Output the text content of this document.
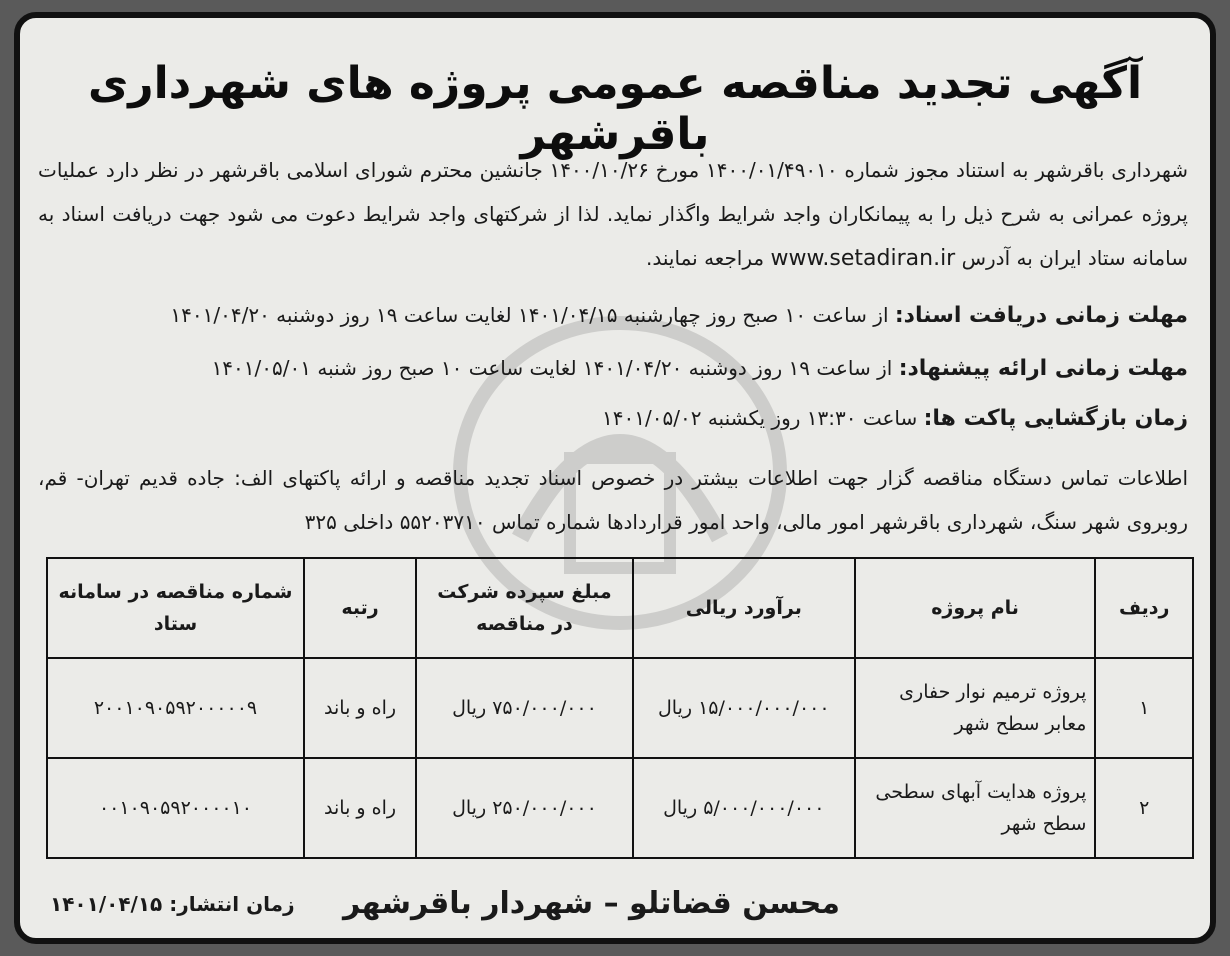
آگهی تجدید مناقصه عمومی پروژه های شهرداری باقرشهر
شهرداری باقرشهر به استناد مجوز شماره ۱۴۰۰/۰۱/۴۹۰۱۰ مورخ ۱۴۰۰/۱۰/۲۶ جانشین محترم شورای اسلامی باقرشهر در نظر دارد عملیات پروژه عمرانی به شرح ذیل را به پیمانکاران واجد شرایط واگذار نماید. لذا از شرکتهای واجد شرایط دعوت می شود جهت دریافت اسناد به سامانه ستاد ایران به آدرس www.setadiran.ir مراجعه نمایند.
مهلت زمانی دریافت اسناد: از ساعت ۱۰ صبح روز چهارشنبه ۱۴۰۱/۰۴/۱۵ لغایت ساعت ۱۹ روز دوشنبه ۱۴۰۱/۰۴/۲۰
مهلت زمانی ارائه پیشنهاد: از ساعت ۱۹ روز دوشنبه ۱۴۰۱/۰۴/۲۰ لغایت ساعت ۱۰ صبح روز شنبه ۱۴۰۱/۰۵/۰۱
زمان بازگشایی پاکت ها: ساعت ۱۳:۳۰ روز یکشنبه ۱۴۰۱/۰۵/۰۲
اطلاعات تماس دستگاه مناقصه گزار جهت اطلاعات بیشتر در خصوص اسناد تجدید مناقصه و ارائه پاکتهای الف: جاده قدیم تهران- قم، روبروی شهر سنگ، شهرداری باقرشهر امور مالی، واحد امور قراردادها شماره تماس ۵۵۲۰۳۷۱۰ داخلی ۳۲۵
ردیف	نام پروژه	برآورد ریالی	مبلغ سپرده شرکت در مناقصه	رتبه	شماره مناقصه در سامانه ستاد
۱	پروژه ترمیم نوار حفاری معابر سطح شهر	۱۵/۰۰۰/۰۰۰/۰۰۰ ریال	۷۵۰/۰۰۰/۰۰۰ ریال	راه و باند	۲۰۰۱۰۹۰۵۹۲۰۰۰۰۰۹
۲	پروژه هدایت آبهای سطحی سطح شهر	۵/۰۰۰/۰۰۰/۰۰۰ ریال	۲۵۰/۰۰۰/۰۰۰ ریال	راه و باند	۰۰۱۰۹۰۵۹۲۰۰۰۰۱۰
محسن قضاتلو – شهردار باقرشهر
زمان انتشار: ۱۴۰۱/۰۴/۱۵
